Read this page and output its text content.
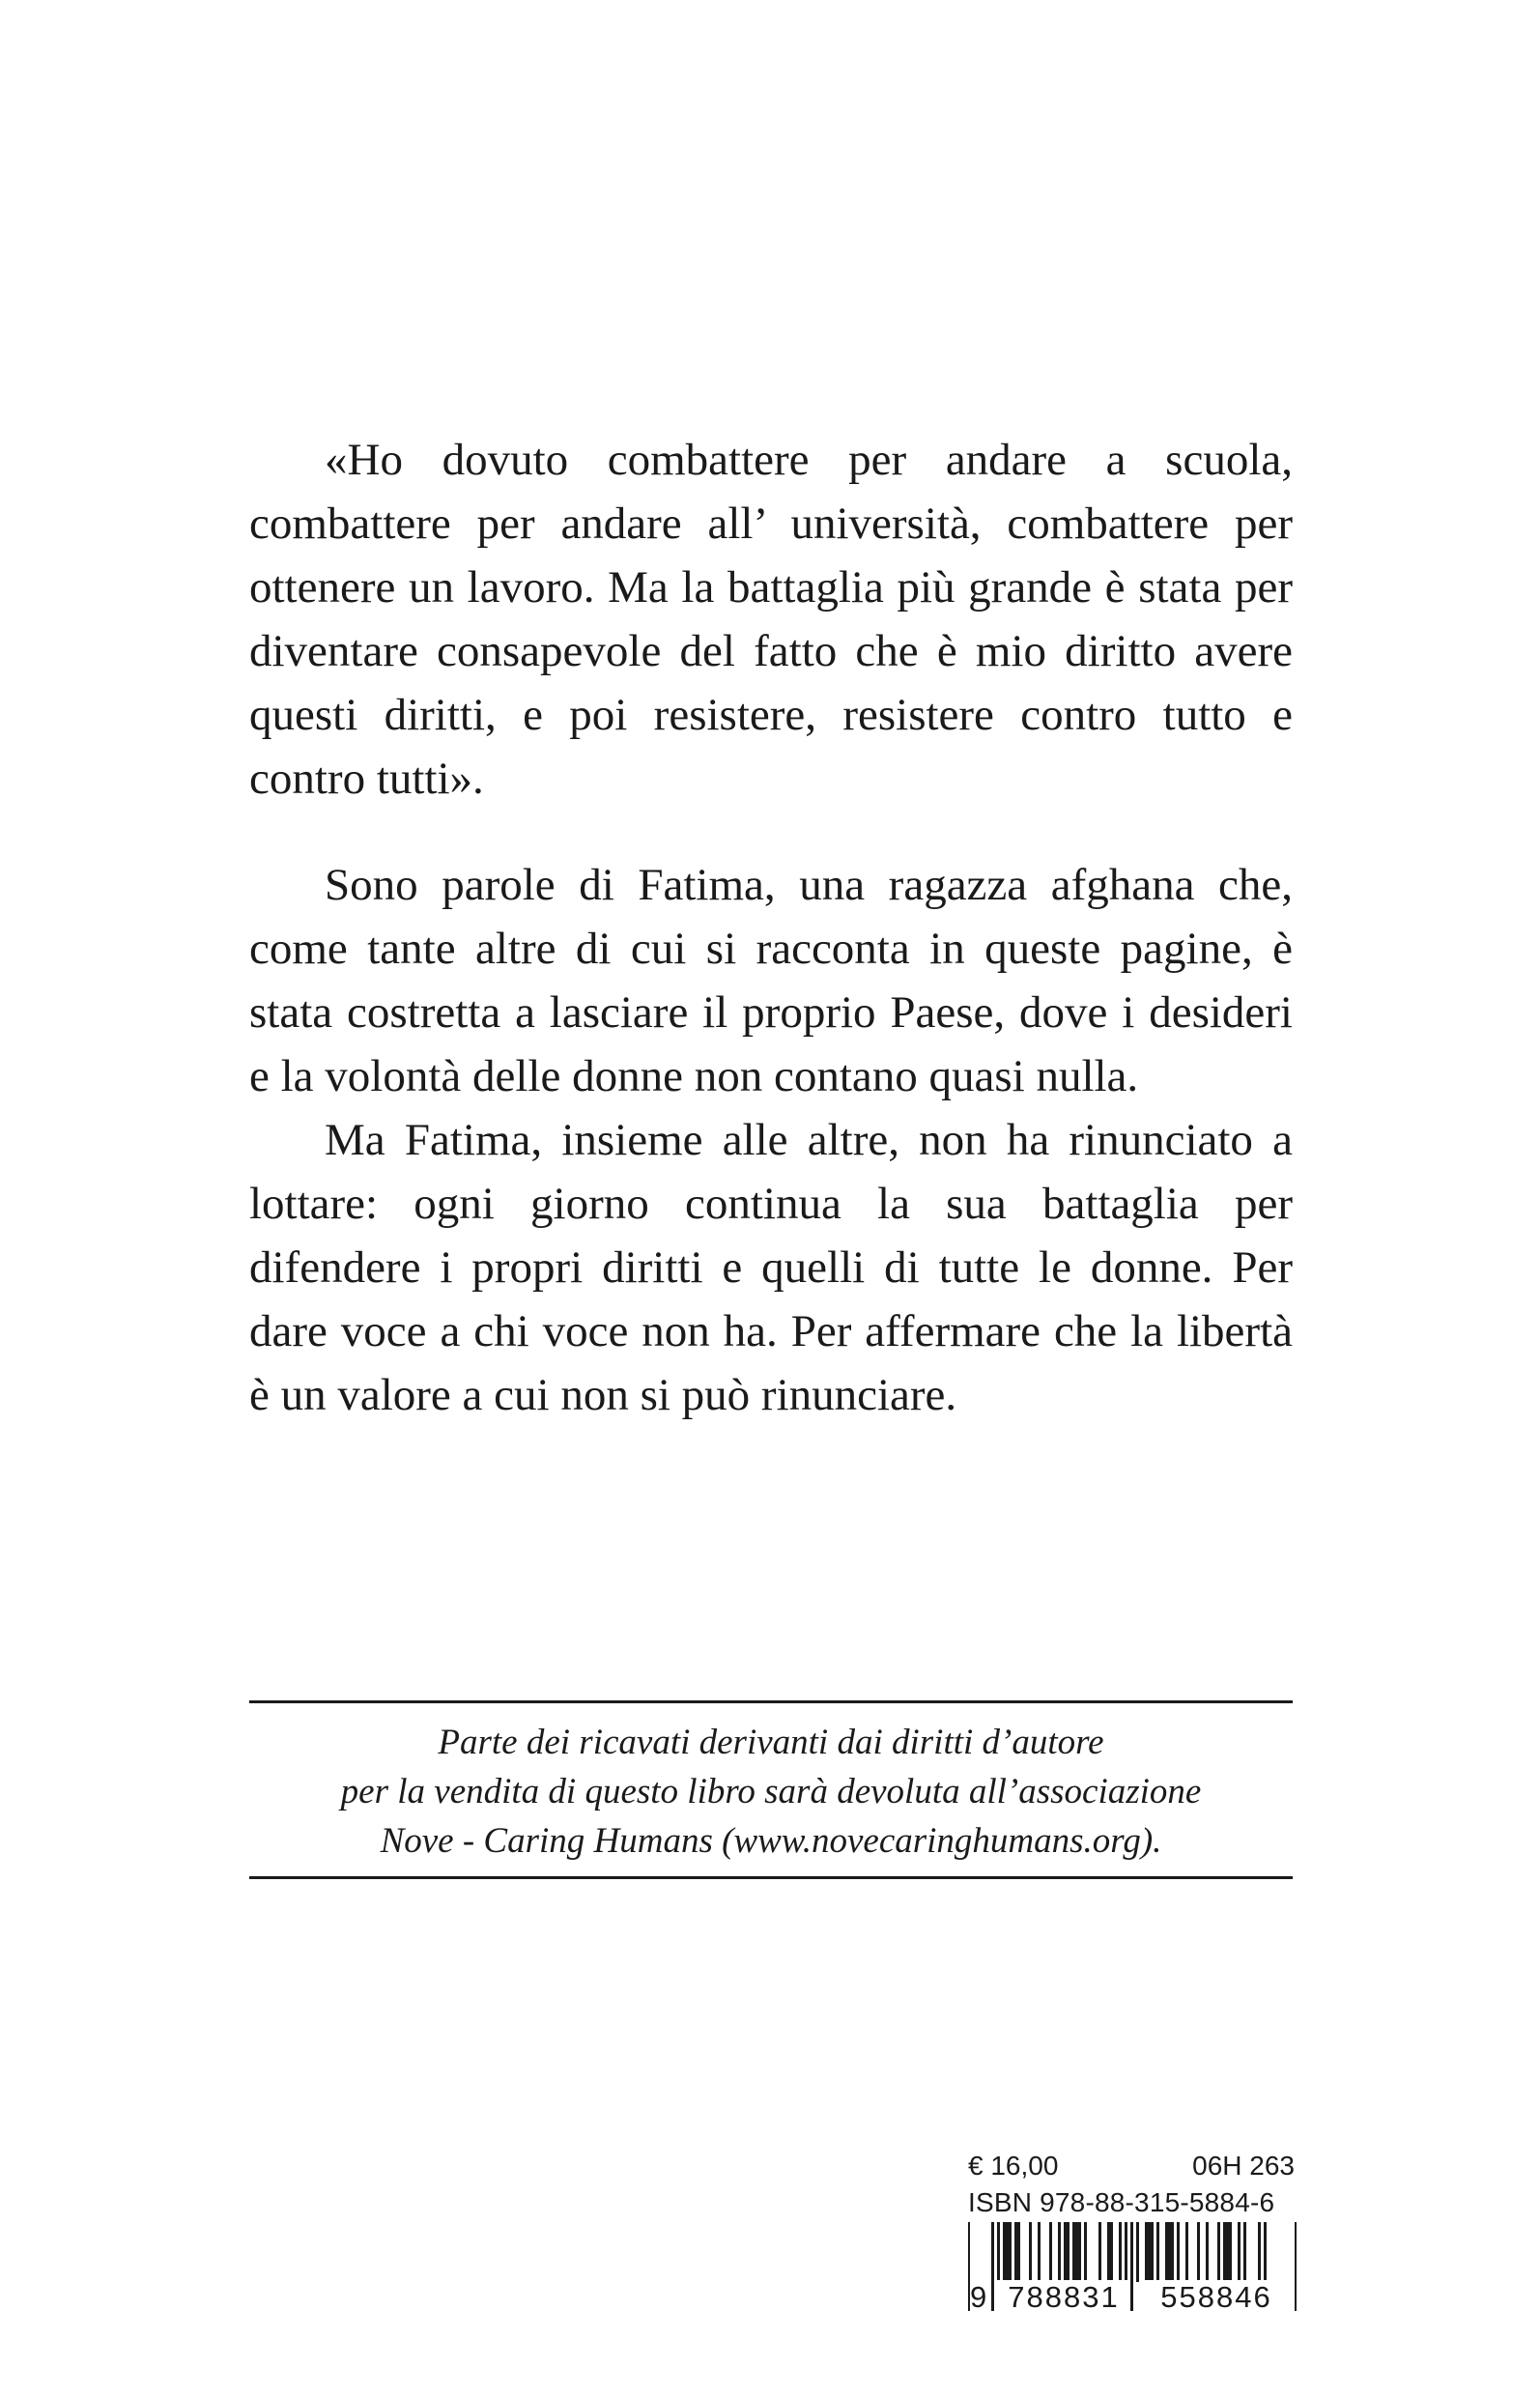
«Ho dovuto combattere per andare a scuola, combattere per andare all’ università, combattere per ottenere un lavoro. Ma la battaglia più grande è stata per diventare consapevole del fatto che è mio diritto avere questi diritti, e poi resistere, resistere contro tutto e contro tutti».

Sono parole di Fatima, una ragazza afghana che, come tante altre di cui si racconta in queste pagine, è stata costretta a lasciare il proprio Paese, dove i desideri e la volontà delle donne non contano quasi nulla.

Ma Fatima, insieme alle altre, non ha rinunciato a lottare: ogni giorno continua la sua battaglia per difendere i propri diritti e quelli di tutte le donne. Per dare voce a chi voce non ha. Per affermare che la libertà è un valore a cui non si può rinunciare.

Parte dei ricavati derivanti dai diritti d’autore
per la vendita di questo libro sarà devoluta all’associazione
Nove - Caring Humans (www.novecaringhumans.org).
€ 16,00	06H 263
ISBN 978-88-315-5884-6
9 788831	558846
